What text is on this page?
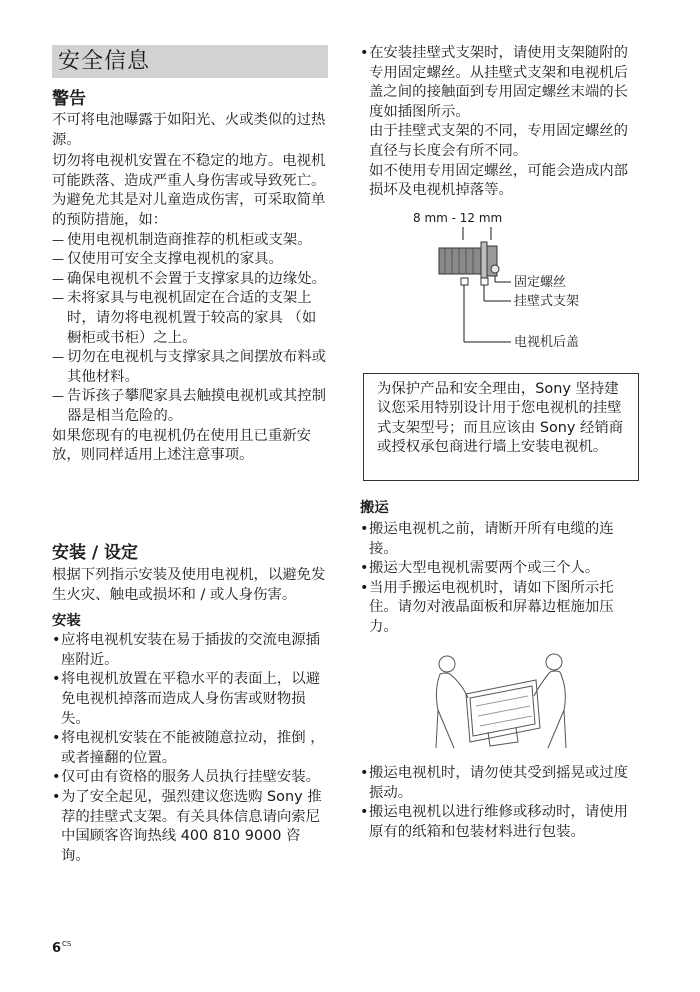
安全信息

警告

不可将电池曝露于如阳光、火或类似的过热源。

切勿将电视机安置在不稳定的地方。电视机可能跌落、造成严重人身伤害或导致死亡。为避免尤其是对儿童造成伤害，可采取简单的预防措施，如：

— 使用电视机制造商推荐的机柜或支架。

— 仅使用可安全支撑电视机的家具。

— 确保电视机不会置于支撑家具的边缘处。

— 未将家具与电视机固定在合适的支架上时，请勿将电视机置于较高的家具 （如橱柜或书柜）之上。

— 切勿在电视机与支撑家具之间摆放布料或其他材料。

— 告诉孩子攀爬家具去触摸电视机或其控制器是相当危险的。

如果您现有的电视机仍在使用且已重新安放，则同样适用上述注意事项。

安装 / 设定

根据下列指示安装及使用电视机，以避免发生火灾、触电或损坏和 / 或人身伤害。

安装

• 应将电视机安装在易于插拔的交流电源插座附近。

• 将电视机放置在平稳水平的表面上，以避免电视机掉落而造成人身伤害或财物损失。

• 将电视机安装在不能被随意拉动，推倒 ，或者撞翻的位置。

• 仅可由有资格的服务人员执行挂壁安装。

• 为了安全起见，强烈建议您选购 Sony 推荐的挂壁式支架。有关具体信息请向索尼中国顾客咨询热线 400 810 9000 咨询。

• 在安装挂壁式支架时，请使用支架随附的专用固定螺丝。从挂壁式支架和电视机后盖之间的接触面到专用固定螺丝末端的长度如插图所示。

由于挂壁式支架的不同，专用固定螺丝的直径与长度会有所不同。

如不使用专用固定螺丝，可能会造成内部损坏及电视机掉落等。

8 mm - 12 mm
固定螺丝
挂壁式支架
电视机后盖

为保护产品和安全理由，Sony 坚持建议您采用特别设计用于您电视机的挂壁式支架型号；而且应该由 Sony 经销商或授权承包商进行墙上安装电视机。

搬运

• 搬运电视机之前，请断开所有电缆的连接。

• 搬运大型电视机需要两个或三个人。

• 当用手搬运电视机时，请如下图所示托住。请勿对液晶面板和屏幕边框施加压力。

• 搬运电视机时，请勿使其受到摇晃或过度振动。

• 搬运电视机以进行维修或移动时，请使用原有的纸箱和包装材料进行包装。

$6^{CS}$
